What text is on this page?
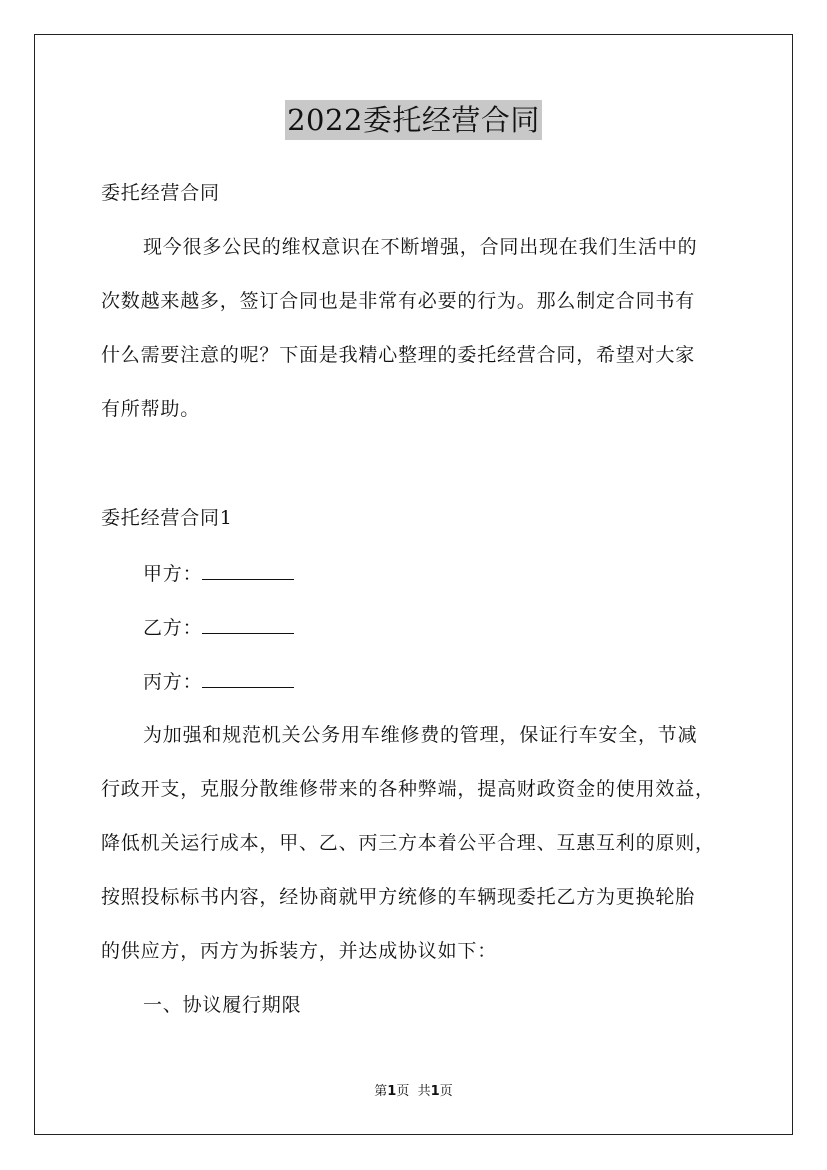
2022委托经营合同
委托经营合同
现今很多公民的维权意识在不断增强，合同出现在我们生活中的
次数越来越多，签订合同也是非常有必要的行为。那么制定合同书有
什么需要注意的呢？下面是我精心整理的委托经营合同，希望对大家
有所帮助。
委托经营合同1
甲方：
乙方：
丙方：
为加强和规范机关公务用车维修费的管理，保证行车安全，节减
行政开支，克服分散维修带来的各种弊端，提高财政资金的使用效益，
降低机关运行成本，甲、乙、丙三方本着公平合理、互惠互利的原则，
按照投标标书内容，经协商就甲方统修的车辆现委托乙方为更换轮胎
的供应方，丙方为拆装方，并达成协议如下：
一、协议履行期限
第1页 共1页
